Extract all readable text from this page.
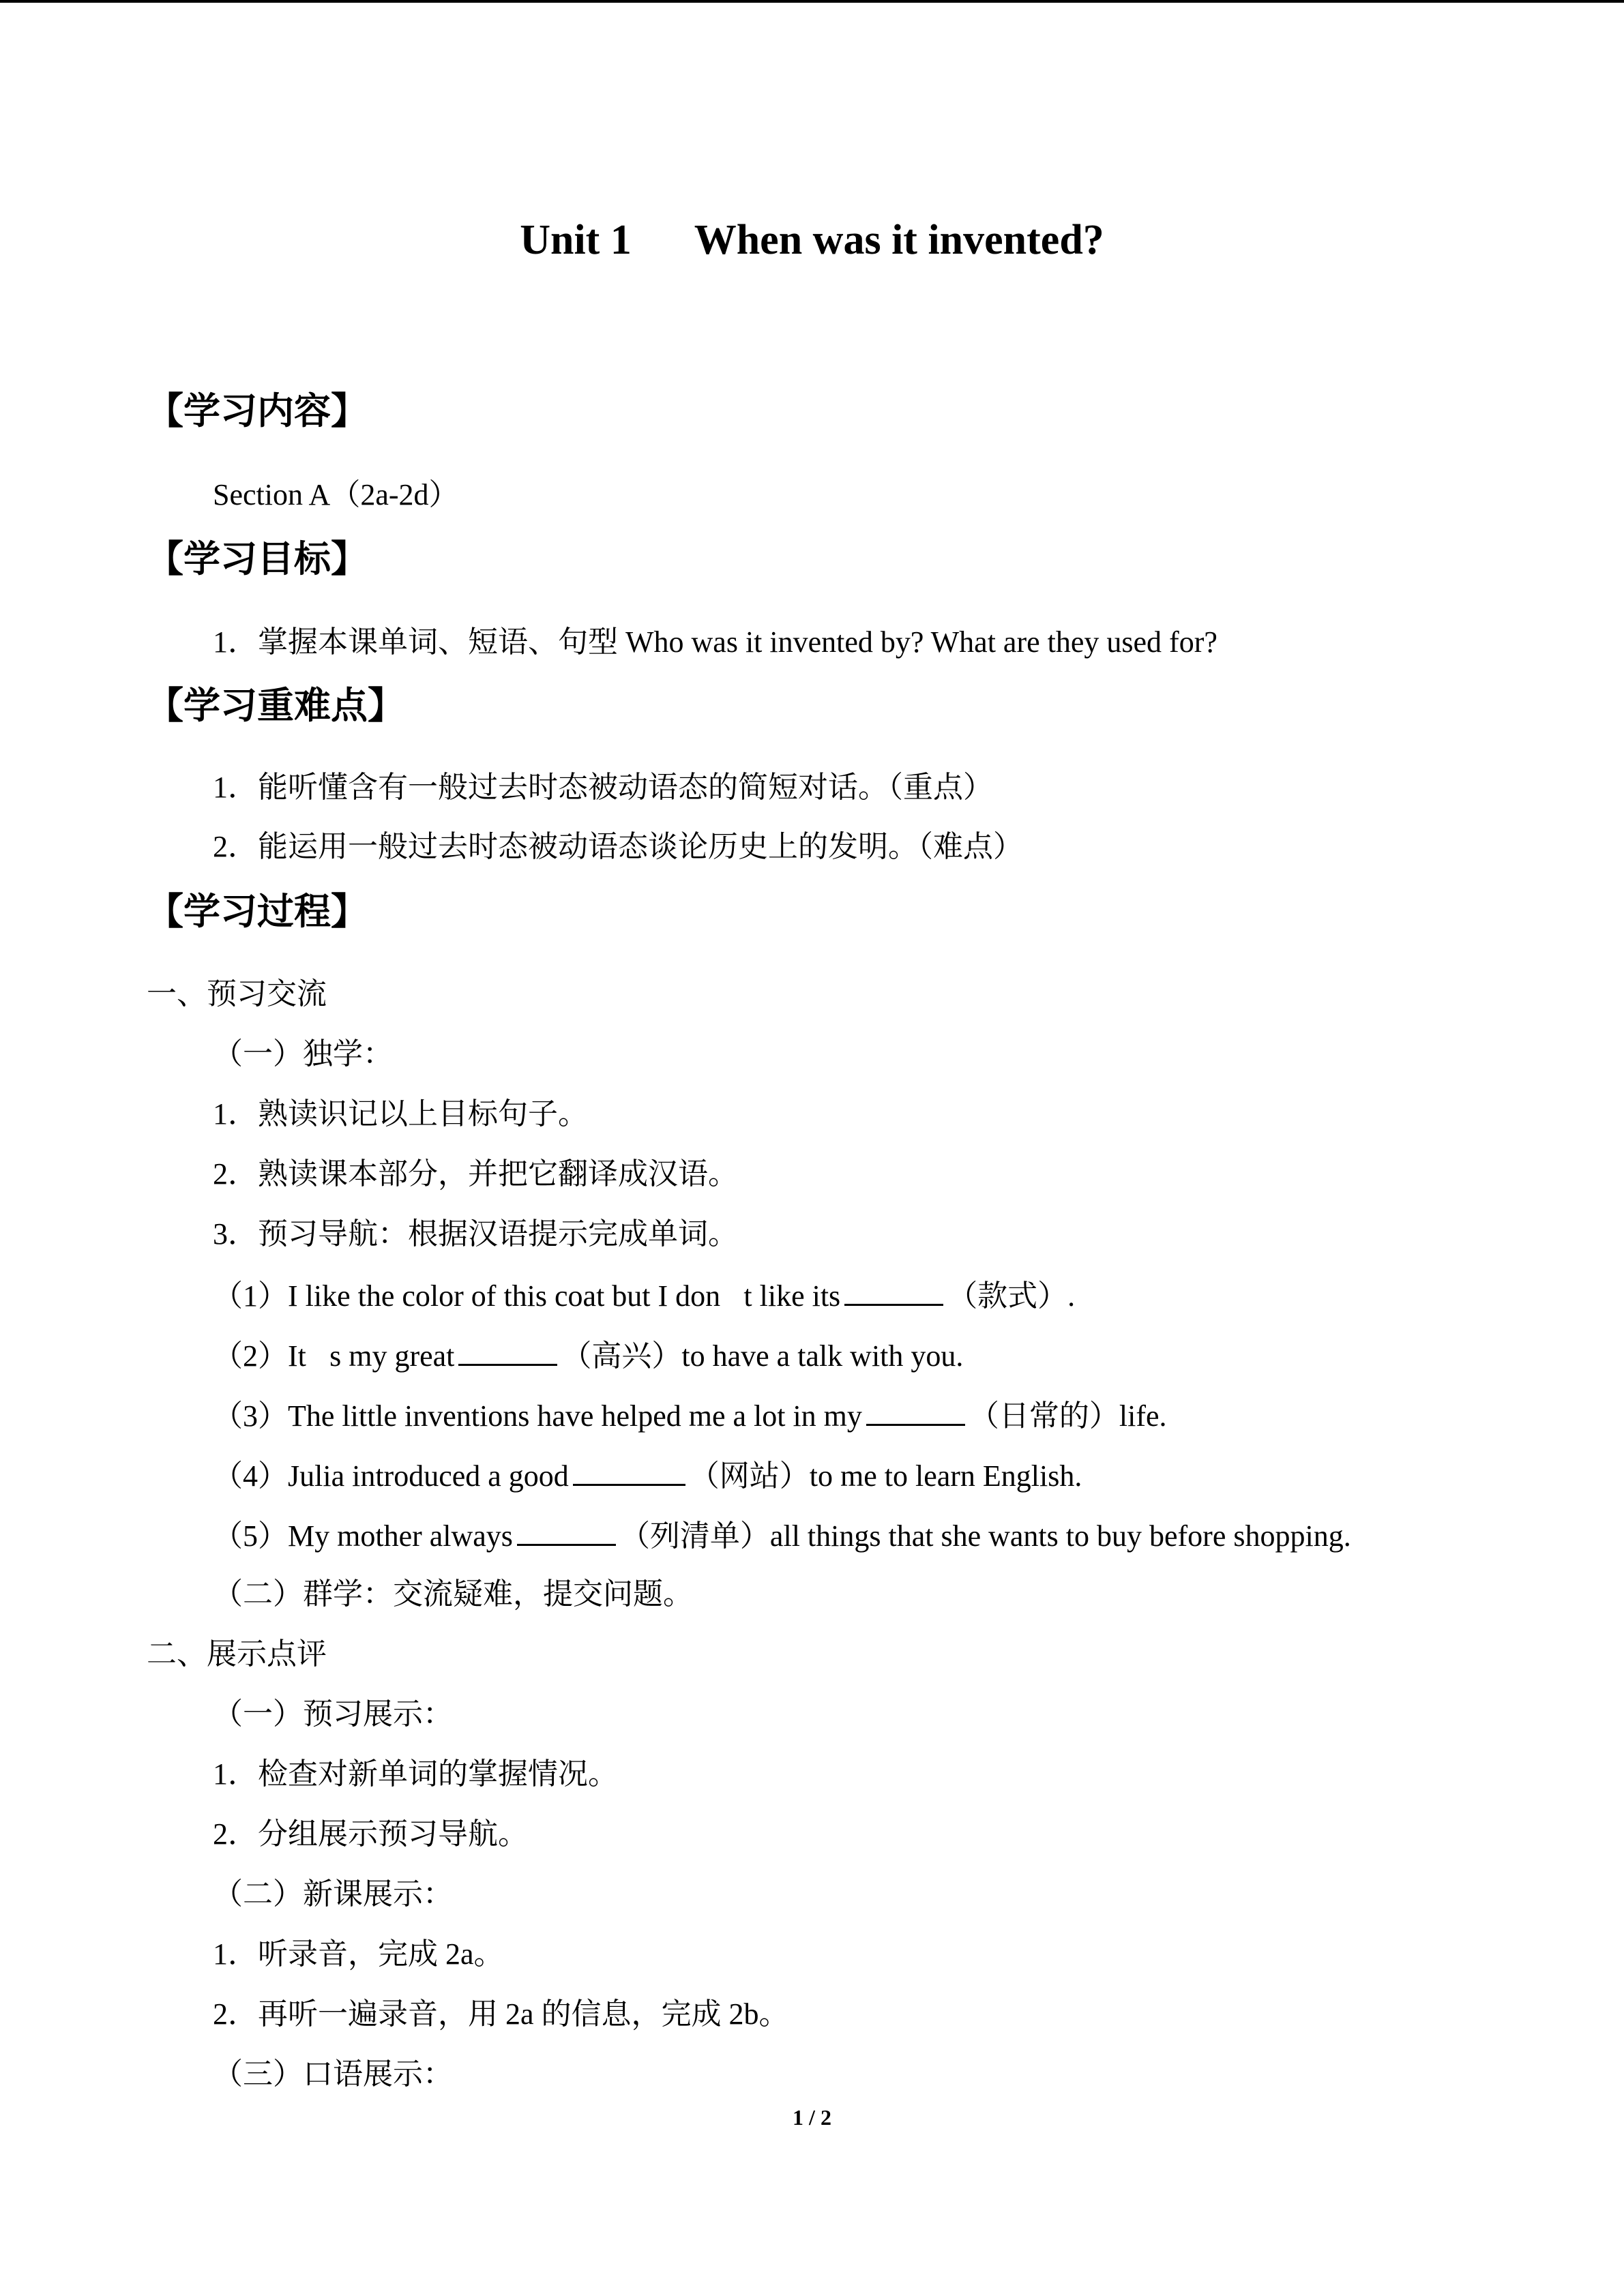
Unit 1      When was it invented?
【学习内容】
Section A（2a-2d）
【学习目标】
1．掌握本课单词、短语、句型 Who was it invented by? What are they used for?
【学习重难点】
1．能听懂含有一般过去时态被动语态的简短对话。（重点）
2．能运用一般过去时态被动语态谈论历史上的发明。（难点）
【学习过程】
一、预习交流
（一）独学：
1．熟读识记以上目标句子。
2．熟读课本部分，并把它翻译成汉语。
3．预习导航：根据汉语提示完成单词。
（1）I like the color of this coat but I don t like its	（款式）.
（2）It s my great	（高兴）to have a talk with you.
（3）The little inventions have helped me a lot in my	（日常的）life.
（4）Julia introduced a good	（网站）to me to learn English.
（5）My mother always	（列清单）all things that she wants to buy before shopping.
（二）群学：交流疑难，提交问题。
二、展示点评
（一）预习展示：
1．检查对新单词的掌握情况。
2．分组展示预习导航。
（二）新课展示：
1．听录音，完成 2a。
2．再听一遍录音，用 2a 的信息，完成 2b。
（三）口语展示：
1 / 2
